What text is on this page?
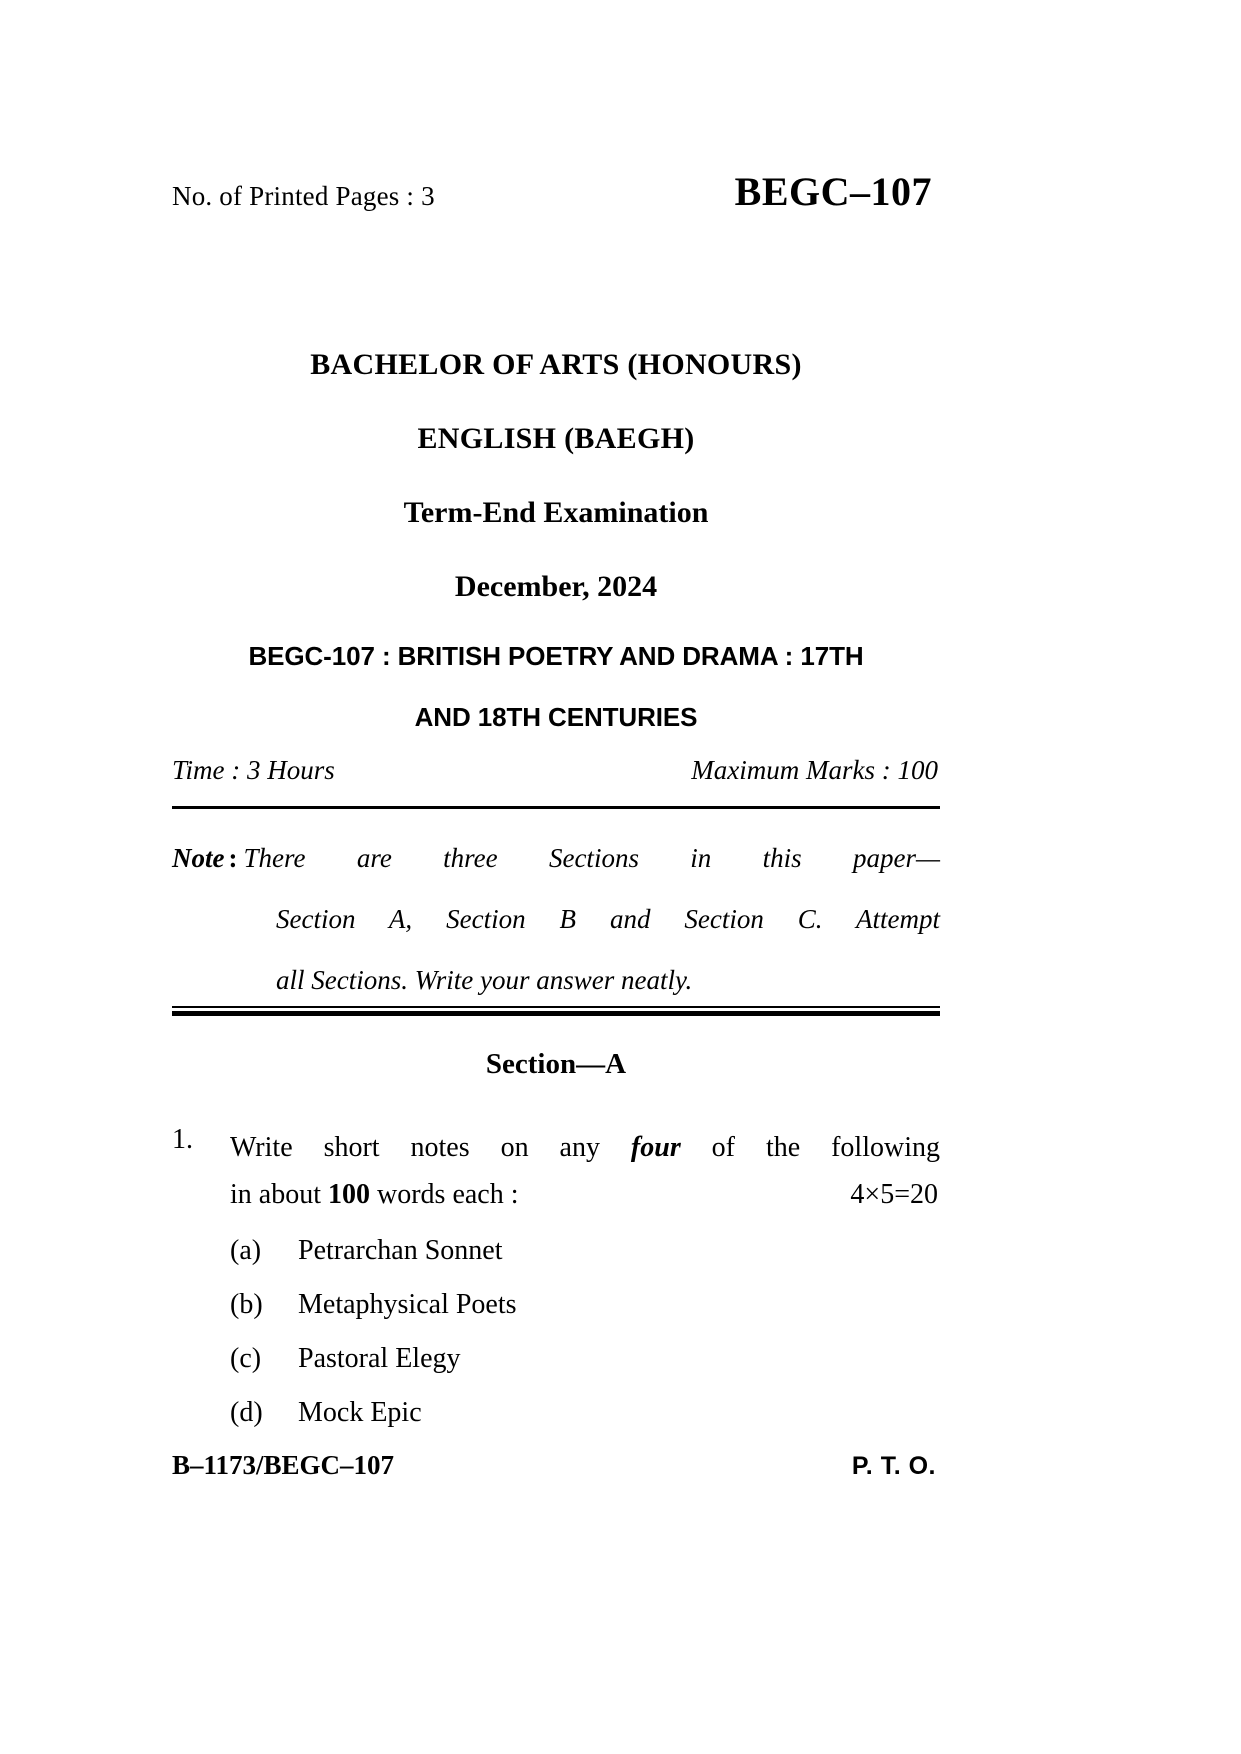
No. of Printed Pages : 3	BEGC–107
BACHELOR OF ARTS (HONOURS)
ENGLISH (BAEGH)
Term-End Examination
December, 2024
BEGC-107 : BRITISH POETRY AND DRAMA : 17TH
AND 18TH CENTURIES
Time : 3 Hours	Maximum Marks : 100
Note : There are three Sections in this paper—
Section A, Section B and Section C. Attempt
all Sections. Write your answer neatly.
Section—A
1.	Write short notes on any four of the following
in about 100 words each :	4×5=20
(a)	Petrarchan Sonnet
(b)	Metaphysical Poets
(c)	Pastoral Elegy
(d)	Mock Epic
B–1173/BEGC–107	P. T. O.
